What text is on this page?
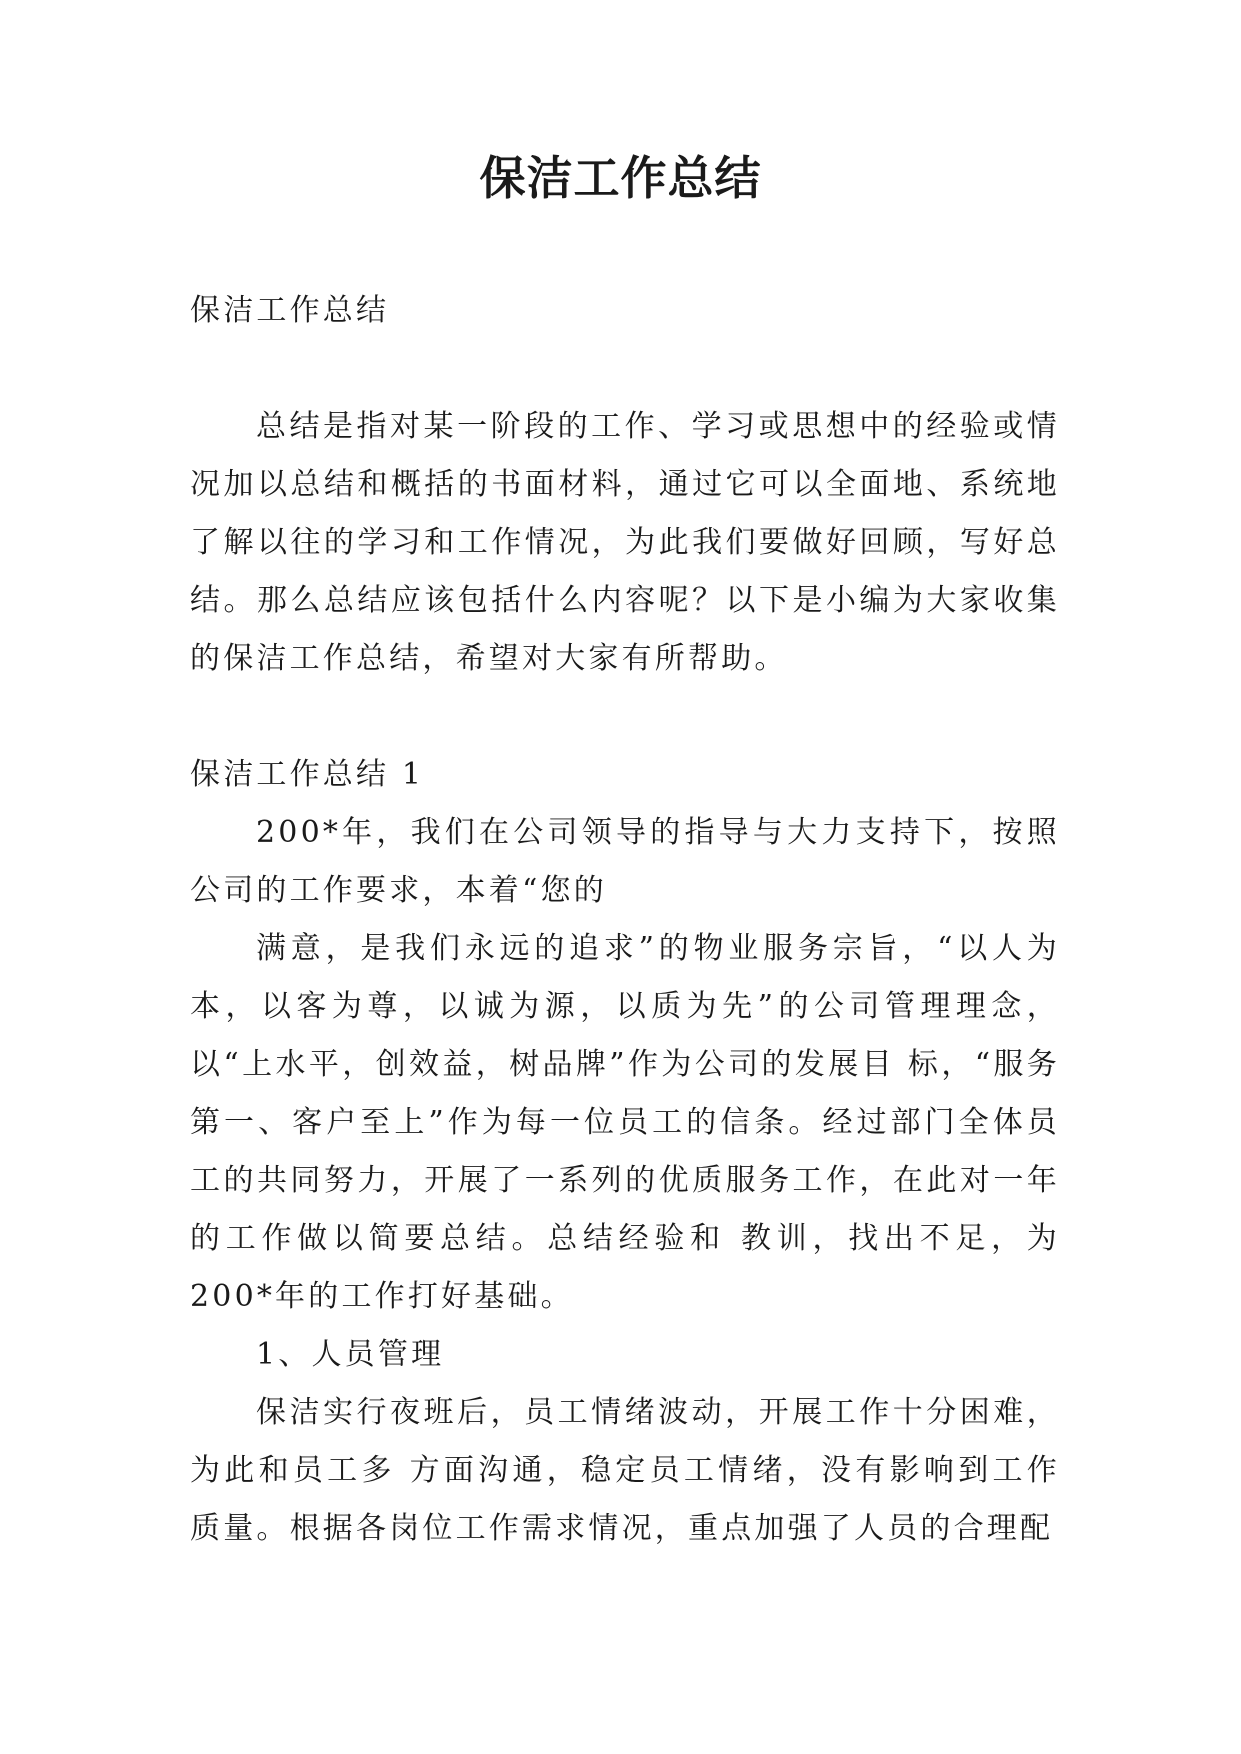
保洁工作总结

保洁工作总结

总结是指对某一阶段的工作、学习或思想中的经验或情况加以总结和概括的书面材料，通过它可以全面地、系统地了解以往的学习和工作情况，为此我们要做好回顾，写好总结。那么总结应该包括什么内容呢？以下是小编为大家收集的保洁工作总结，希望对大家有所帮助。

保洁工作总结 1

200*年，我们在公司领导的指导与大力支持下，按照公司的工作要求，本着“您的

满意，是我们永远的追求”的物业服务宗旨，“以人为本，以客为尊，以诚为源，以质为先”的公司管理理念，以“上水平，创效益，树品牌”作为公司的发展目 标，“服务第一、客户至上”作为每一位员工的信条。经过部门全体员工的共同努力，开展了一系列的优质服务工作，在此对一年的工作做以简要总结。总结经验和 教训，找出不足，为 200*年的工作打好基础。

1、人员管理

保洁实行夜班后，员工情绪波动，开展工作十分困难，为此和员工多 方面沟通，稳定员工情绪，没有影响到工作质量。根据各岗位工作需求情况，重点加强了人员的合理配
